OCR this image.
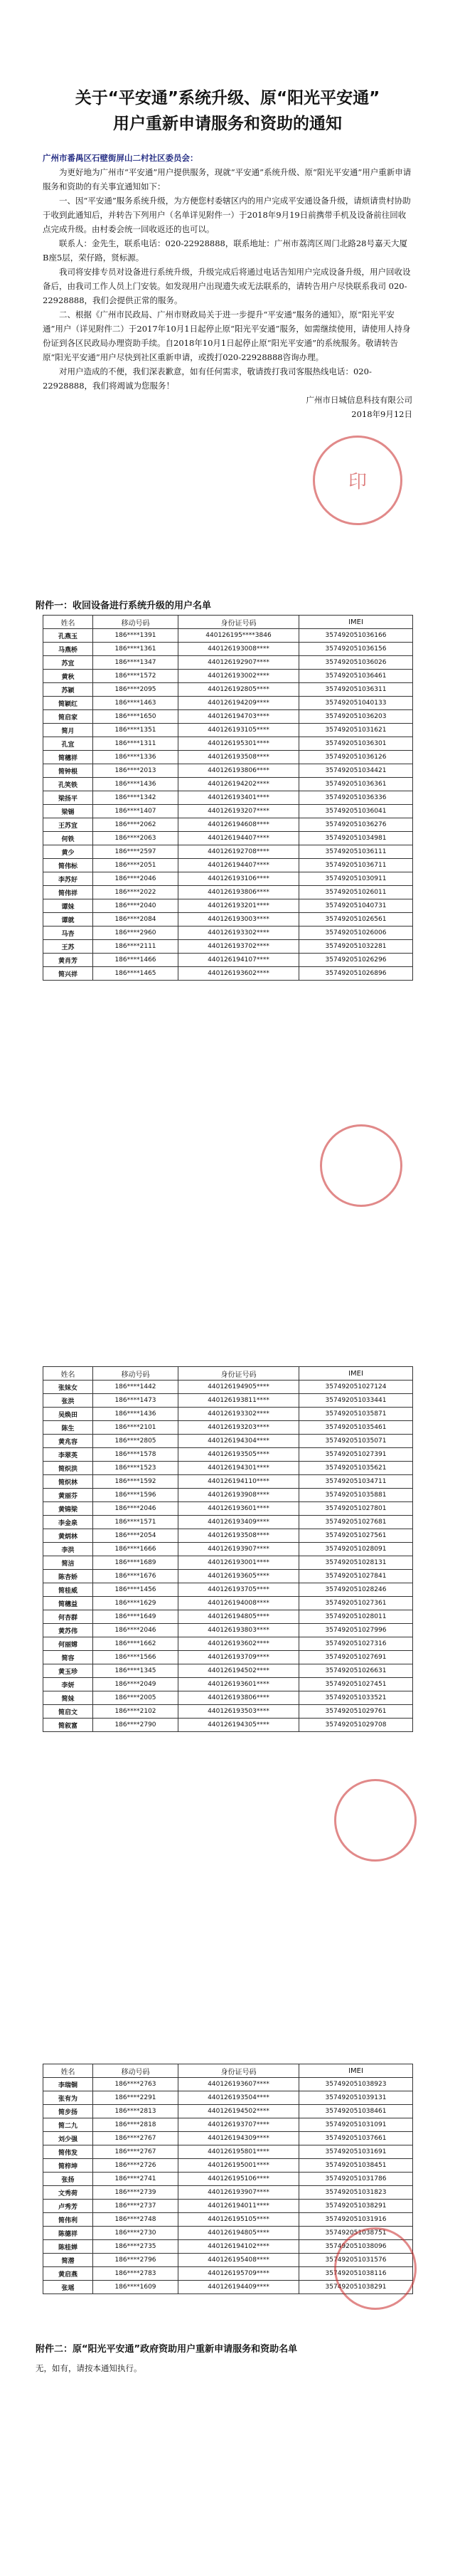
关于“平安通”系统升级、原“阳光平安通”
用户重新申请服务和资助的通知

广州市番禺区石壁街屏山二村社区委员会：

为更好地为广州市“平安通”用户提供服务，现就“平安通”系统升级、原“阳光平安通”用户重新申请服务和资助的有关事宜通知如下：

一、因“平安通”服务系统升级，为方便您村委辖区内的用户完成平安通设备升级，请烦请贵村协助于收到此通知后，并转告下列用户（名单详见附件一）于2018年9月19日前携带手机及设备前往回收点完成升级。由村委会统一回收返还的也可以。

联系人：金先生，联系电话：020-22928888，联系地址：广州市荔湾区周门北路28号嘉天大厦B座5层，荣仔路，贤标源。

我司将安排专员对设备进行系统升级，升级完成后将通过电话告知用户完成设备升级，用户回收设备后，由我司工作人员上门安装。如发现用户出现遗失或无法联系的，请转告用户尽快联系我司 020-22928888，我们会提供正常的服务。

二、根据《广州市民政局、广州市财政局关于进一步提升“平安通”服务的通知》，原“阳光平安通”用户（详见附件二）于2017年10月1日起停止原“阳光平安通”服务，如需继续使用，请使用人持身份证到各区民政局办理资助手续。自2018年10月1日起停止原“阳光平安通”的系统服务。敬请转告原“阳光平安通”用户尽快到社区重新申请，或拨打020-22928888咨询办理。

对用户造成的不便，我们深表歉意，如有任何需求，敬请拨打我司客服热线电话：020-22928888，我们将竭诚为您服务！

广州市日城信息科技有限公司

2018年9月12日

印
附件一：收回设备进行系统升级的用户名单
姓名	移动号码	身份证号码	IMEI
孔燕玉	186****1391	440126195****3846	357492051036166
马燕桥	186****1361	440126193008****	357492051036156
苏宜	186****1347	440126192907****	357492051036026
黄秋	186****1572	440126193002****	357492051036461
苏颖	186****2095	440126192805****	357492051036311
简颖红	186****1463	440126194209****	357492051040133
简启家	186****1650	440126194703****	357492051036203
简月	186****1351	440126193105****	357492051031621
孔宜	186****1311	440126195301****	357492051036301
简穗祥	186****1336	440126193508****	357492051036126
简钟根	186****2013	440126193806****	357492051034421
孔笑铁	186****1436	440126194202****	357492051036361
梁扬平	186****1342	440126193401****	357492051036336
梁锡	186****1407	440126193207****	357492051036041
王苏宜	186****2062	440126194608****	357492051036276
何铁	186****2063	440126194407****	357492051034981
黄少	186****2597	440126192708****	357492051036111
简伟标	186****2051	440126194407****	357492051036711
李苏好	186****2046	440126193106****	357492051030911
简伟祥	186****2022	440126193806****	357492051026011
谭妹	186****2040	440126193201****	357492051040731
谭就	186****2084	440126193003****	357492051026561
马杏	186****2960	440126193302****	357492051026006
王苏	186****2111	440126193702****	357492051032281
黄肖芳	186****1466	440126194107****	357492051026296
简兴祥	186****1465	440126193602****	357492051026896
姓名	移动号码	身份证号码	IMEI
张妹女	186****1442	440126194905****	357492051027124
张洪	186****1473	440126193811****	357492051033441
吴焕田	186****1436	440126193302****	357492051035871
陈生	186****2101	440126193203****	357492051035461
黄兆容	186****2805	440126194304****	357492051035071
李翠英	186****1578	440126193505****	357492051027391
简炽洪	186****1523	440126194301****	357492051035621
简炽林	186****1592	440126194110****	357492051034711
黄丽芬	186****1596	440126193908****	357492051035881
黄锦梁	186****2046	440126193601****	357492051027801
李金泉	186****1571	440126193409****	357492051027681
黄炳林	186****2054	440126193508****	357492051027561
李洪	186****1666	440126193907****	357492051028091
简洁	186****1689	440126193001****	357492051028131
陈杏娇	186****1676	440126193605****	357492051027841
简桂威	186****1456	440126193705****	357492051028246
简穗益	186****1629	440126194008****	357492051027361
何杏群	186****1649	440126194805****	357492051028011
黄苏伟	186****2046	440126193803****	357492051027996
何丽嫦	186****1662	440126193602****	357492051027316
简容	186****1566	440126193709****	357492051027691
黄玉珍	186****1345	440126194502****	357492051026631
李妍	186****2049	440126193601****	357492051027451
简妹	186****2005	440126193806****	357492051033521
简启文	186****2102	440126193503****	357492051029761
简叙富	186****2790	440126194305****	357492051029708
姓名	移动号码	身份证号码	IMEI
李瑞铜	186****2763	440126193607****	357492051038923
张有为	186****2291	440126193504****	357492051039131
简步扬	186****2813	440126194502****	357492051038461
简二九	186****2818	440126193707****	357492051031091
刘少强	186****2767	440126194309****	357492051037661
简伟发	186****2767	440126195801****	357492051031691
简梓坤	186****2726	440126195001****	357492051038451
张扬	186****2741	440126195106****	357492051031786
文秀荷	186****2739	440126193907****	357492051031823
卢秀芳	186****2737	440126194011****	357492051038291
简伟利	186****2748	440126195105****	357492051031916
陈德祥	186****2730	440126194805****	357492051038751
陈桂婵	186****2735	440126194102****	357492051038096
简潜	186****2796	440126195408****	357492051031576
黄启燕	186****2783	440126195709****	357492051038116
张瑶	186****1609	440126194409****	357492051038291
附件二：原“阳光平安通”政府资助用户重新申请服务和资助名单
无，如有，请按本通知执行。
